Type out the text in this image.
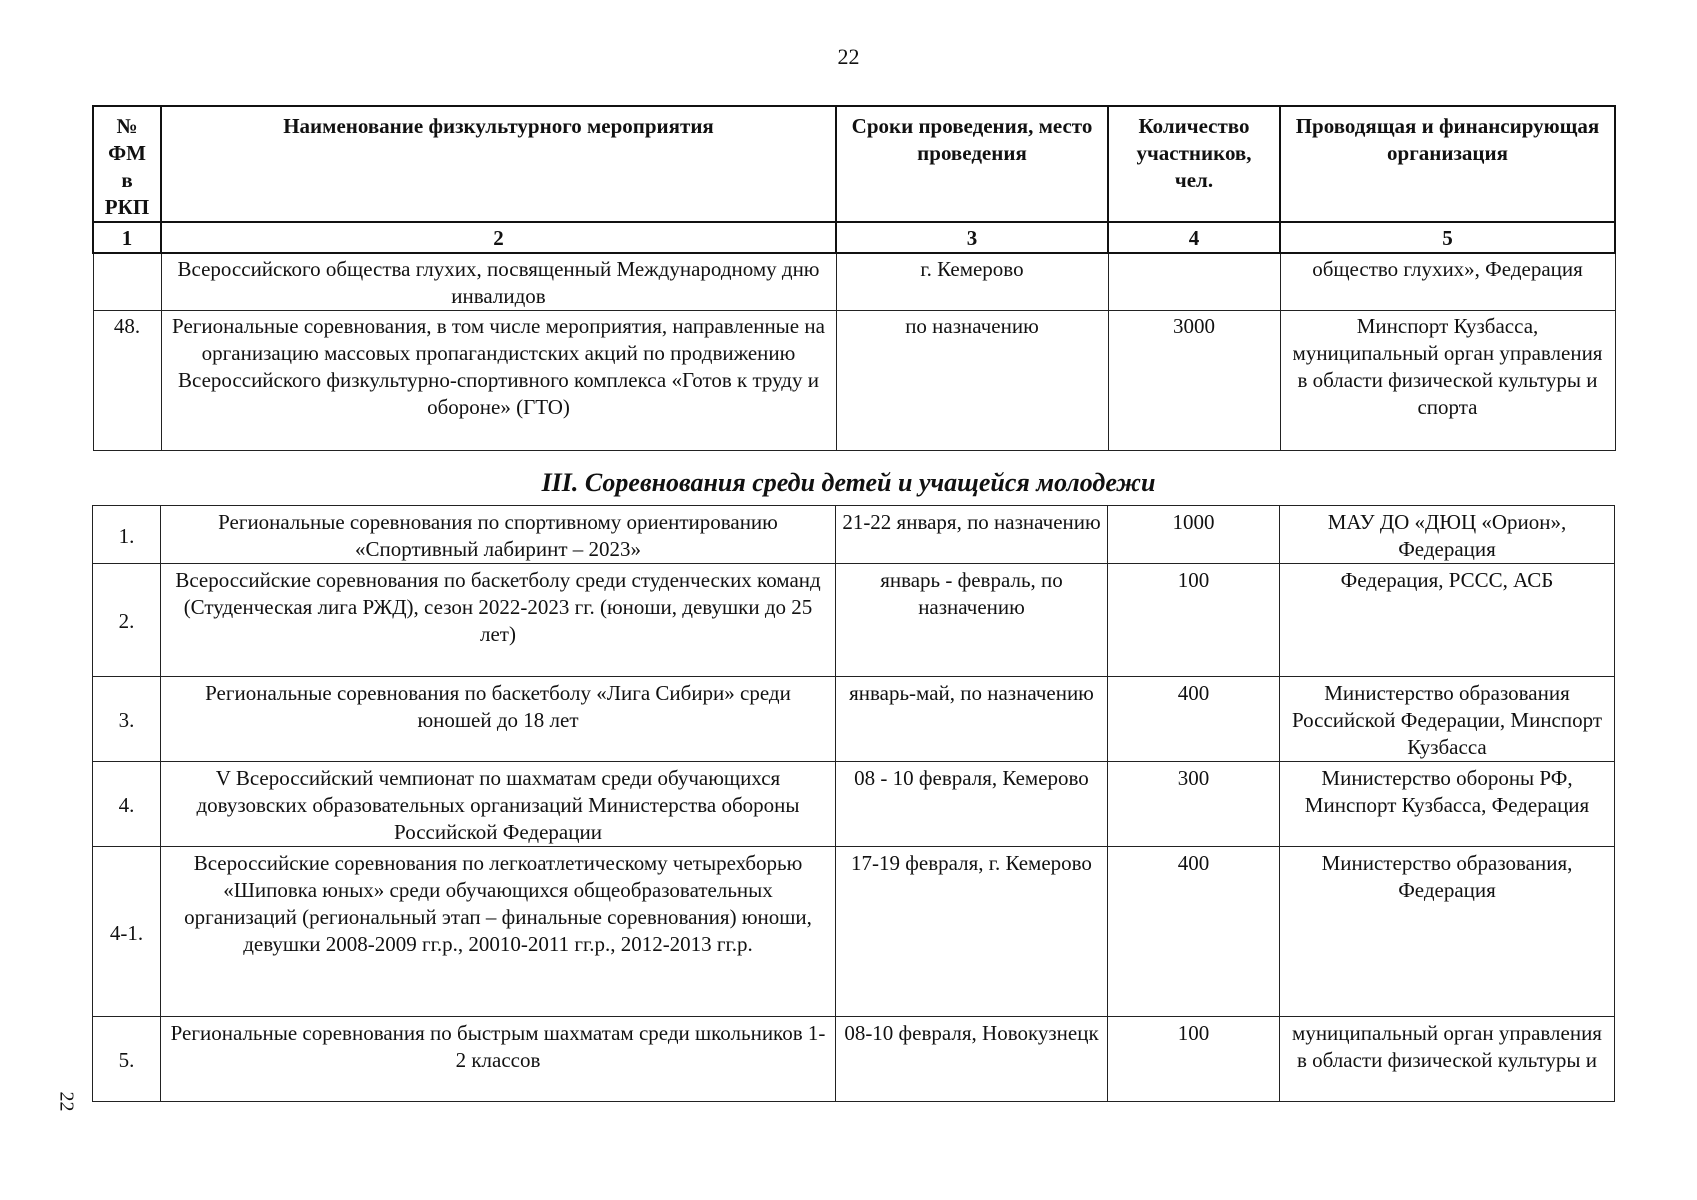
22
22
№ ФМ в РКП	Наименование физкультурного мероприятия	Сроки проведения, место проведения	Количество участников, чел.	Проводящая и финансирующая организация
1	2	3	4	5
	Всероссийского общества глухих, посвященный Международному дню инвалидов	г. Кемерово		общество глухих», Федерация
48.	Региональные соревнования, в том числе мероприятия, направленные на организацию массовых пропагандистских акций по продвижению Всероссийского физкультурно-спортивного комплекса «Готов к труду и обороне» (ГТО)	по назначению	3000	Минспорт Кузбасса, муниципальный орган управления в области физической культуры и спорта
III. Соревнования среди детей и учащейся молодежи
1.	Региональные соревнования по спортивному ориентированию «Спортивный лабиринт – 2023»	21-22 января, по назначению	1000	МАУ ДО «ДЮЦ «Орион», Федерация
2.	Всероссийские соревнования по баскетболу среди студенческих команд (Студенческая лига РЖД), сезон 2022-2023 гг. (юноши, девушки до 25 лет)	январь - февраль, по назначению	100	Федерация, РССС, АСБ
3.	Региональные соревнования по баскетболу «Лига Сибири» среди юношей до 18 лет	январь-май, по назначению	400	Министерство образования Российской Федерации, Минспорт Кузбасса
4.	V Всероссийский чемпионат по шахматам среди обучающихся довузовских образовательных организаций Министерства обороны Российской Федерации	08 - 10 февраля, Кемерово	300	Министерство обороны РФ, Минспорт Кузбасса, Федерация
4-1.	Всероссийские соревнования по легкоатлетическому четырехборью «Шиповка юных» среди обучающихся общеобразовательных организаций (региональный этап – финальные соревнования) юноши, девушки 2008-2009 гг.р., 20010-2011 гг.р., 2012-2013 гг.р.	17-19 февраля, г. Кемерово	400	Министерство образования, Федерация
5.	Региональные соревнования по быстрым шахматам среди школьников 1-2 классов	08-10 февраля, Новокузнецк	100	муниципальный орган управления в области физической культуры и
